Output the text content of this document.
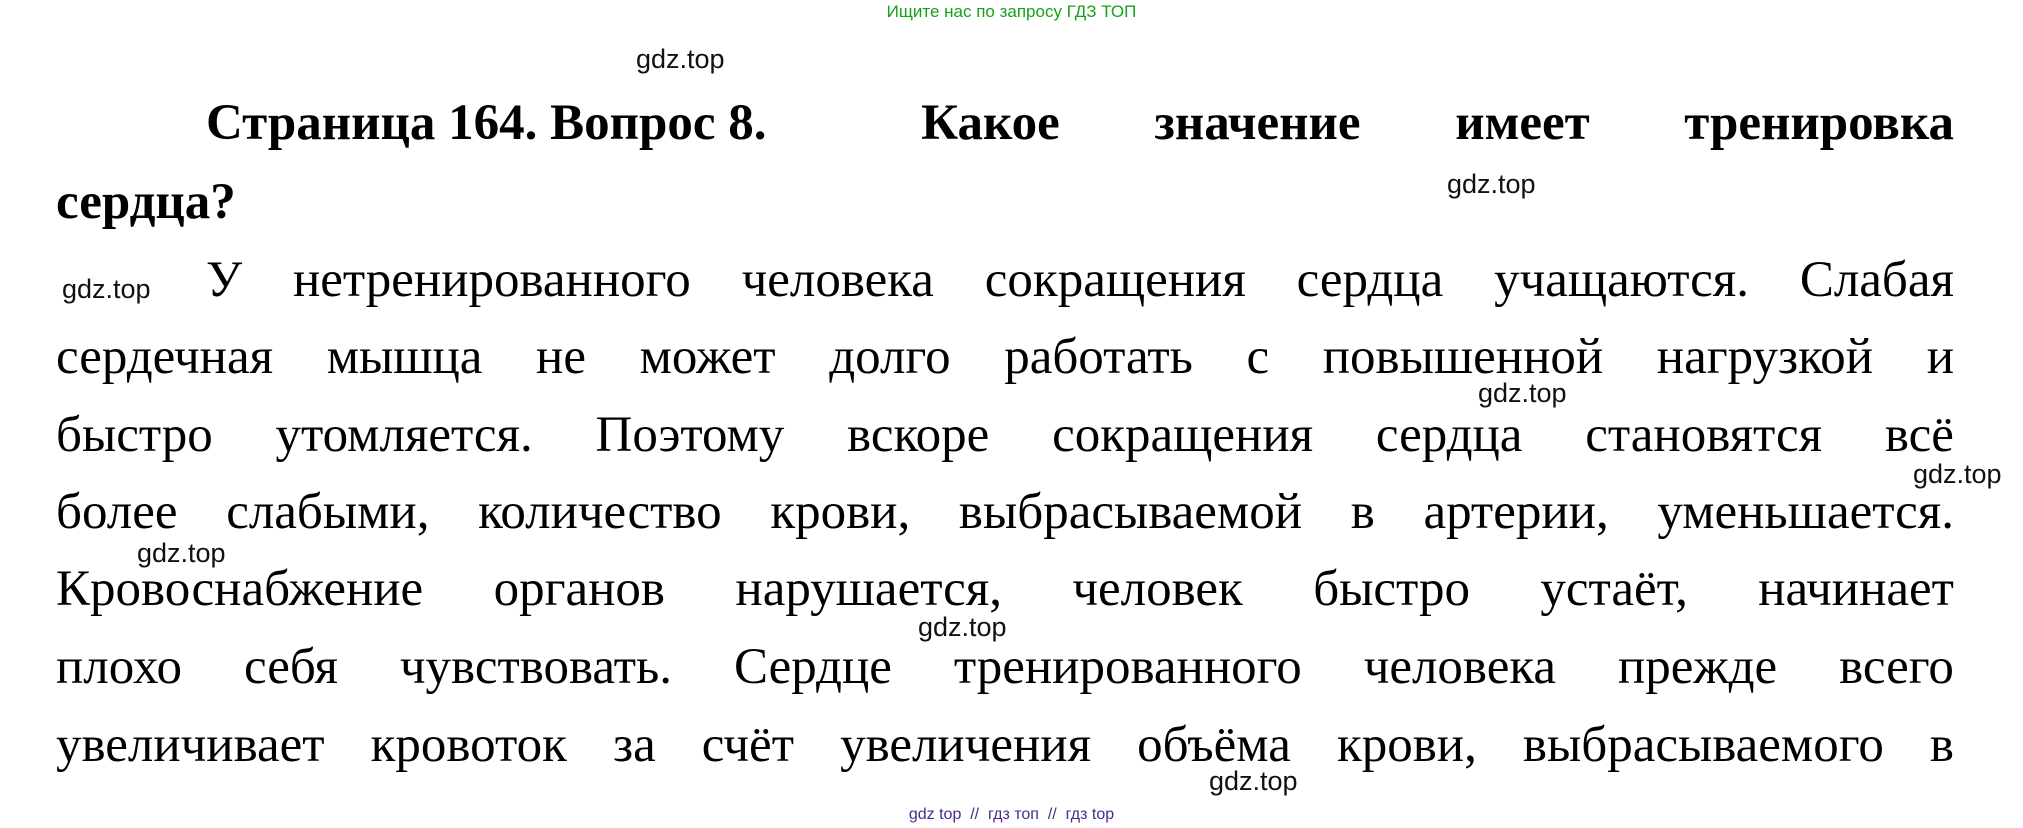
Ищите нас по запросу ГДЗ ТОП
gdz.top
gdz.top
gdz.top
gdz.top
gdz.top
gdz.top
gdz.top
gdz.top
Страница 164. Вопрос 8.	Какое значение имеет тренировка
сердца?
У нетренированного человека сокращения сердца учащаются. Слабая
сердечная мышца не может долго работать с повышенной нагрузкой и
быстро утомляется. Поэтому вскоре сокращения сердца становятся всё
более слабыми, количество крови, выбрасываемой в артерии, уменьшается.
Кровоснабжение органов нарушается, человек быстро устаёт, начинает
плохо себя чувствовать. Сердце тренированного человека прежде всего
увеличивает кровоток за счёт увеличения объёма крови, выбрасываемого в
gdz top // гдз топ // гдз top
